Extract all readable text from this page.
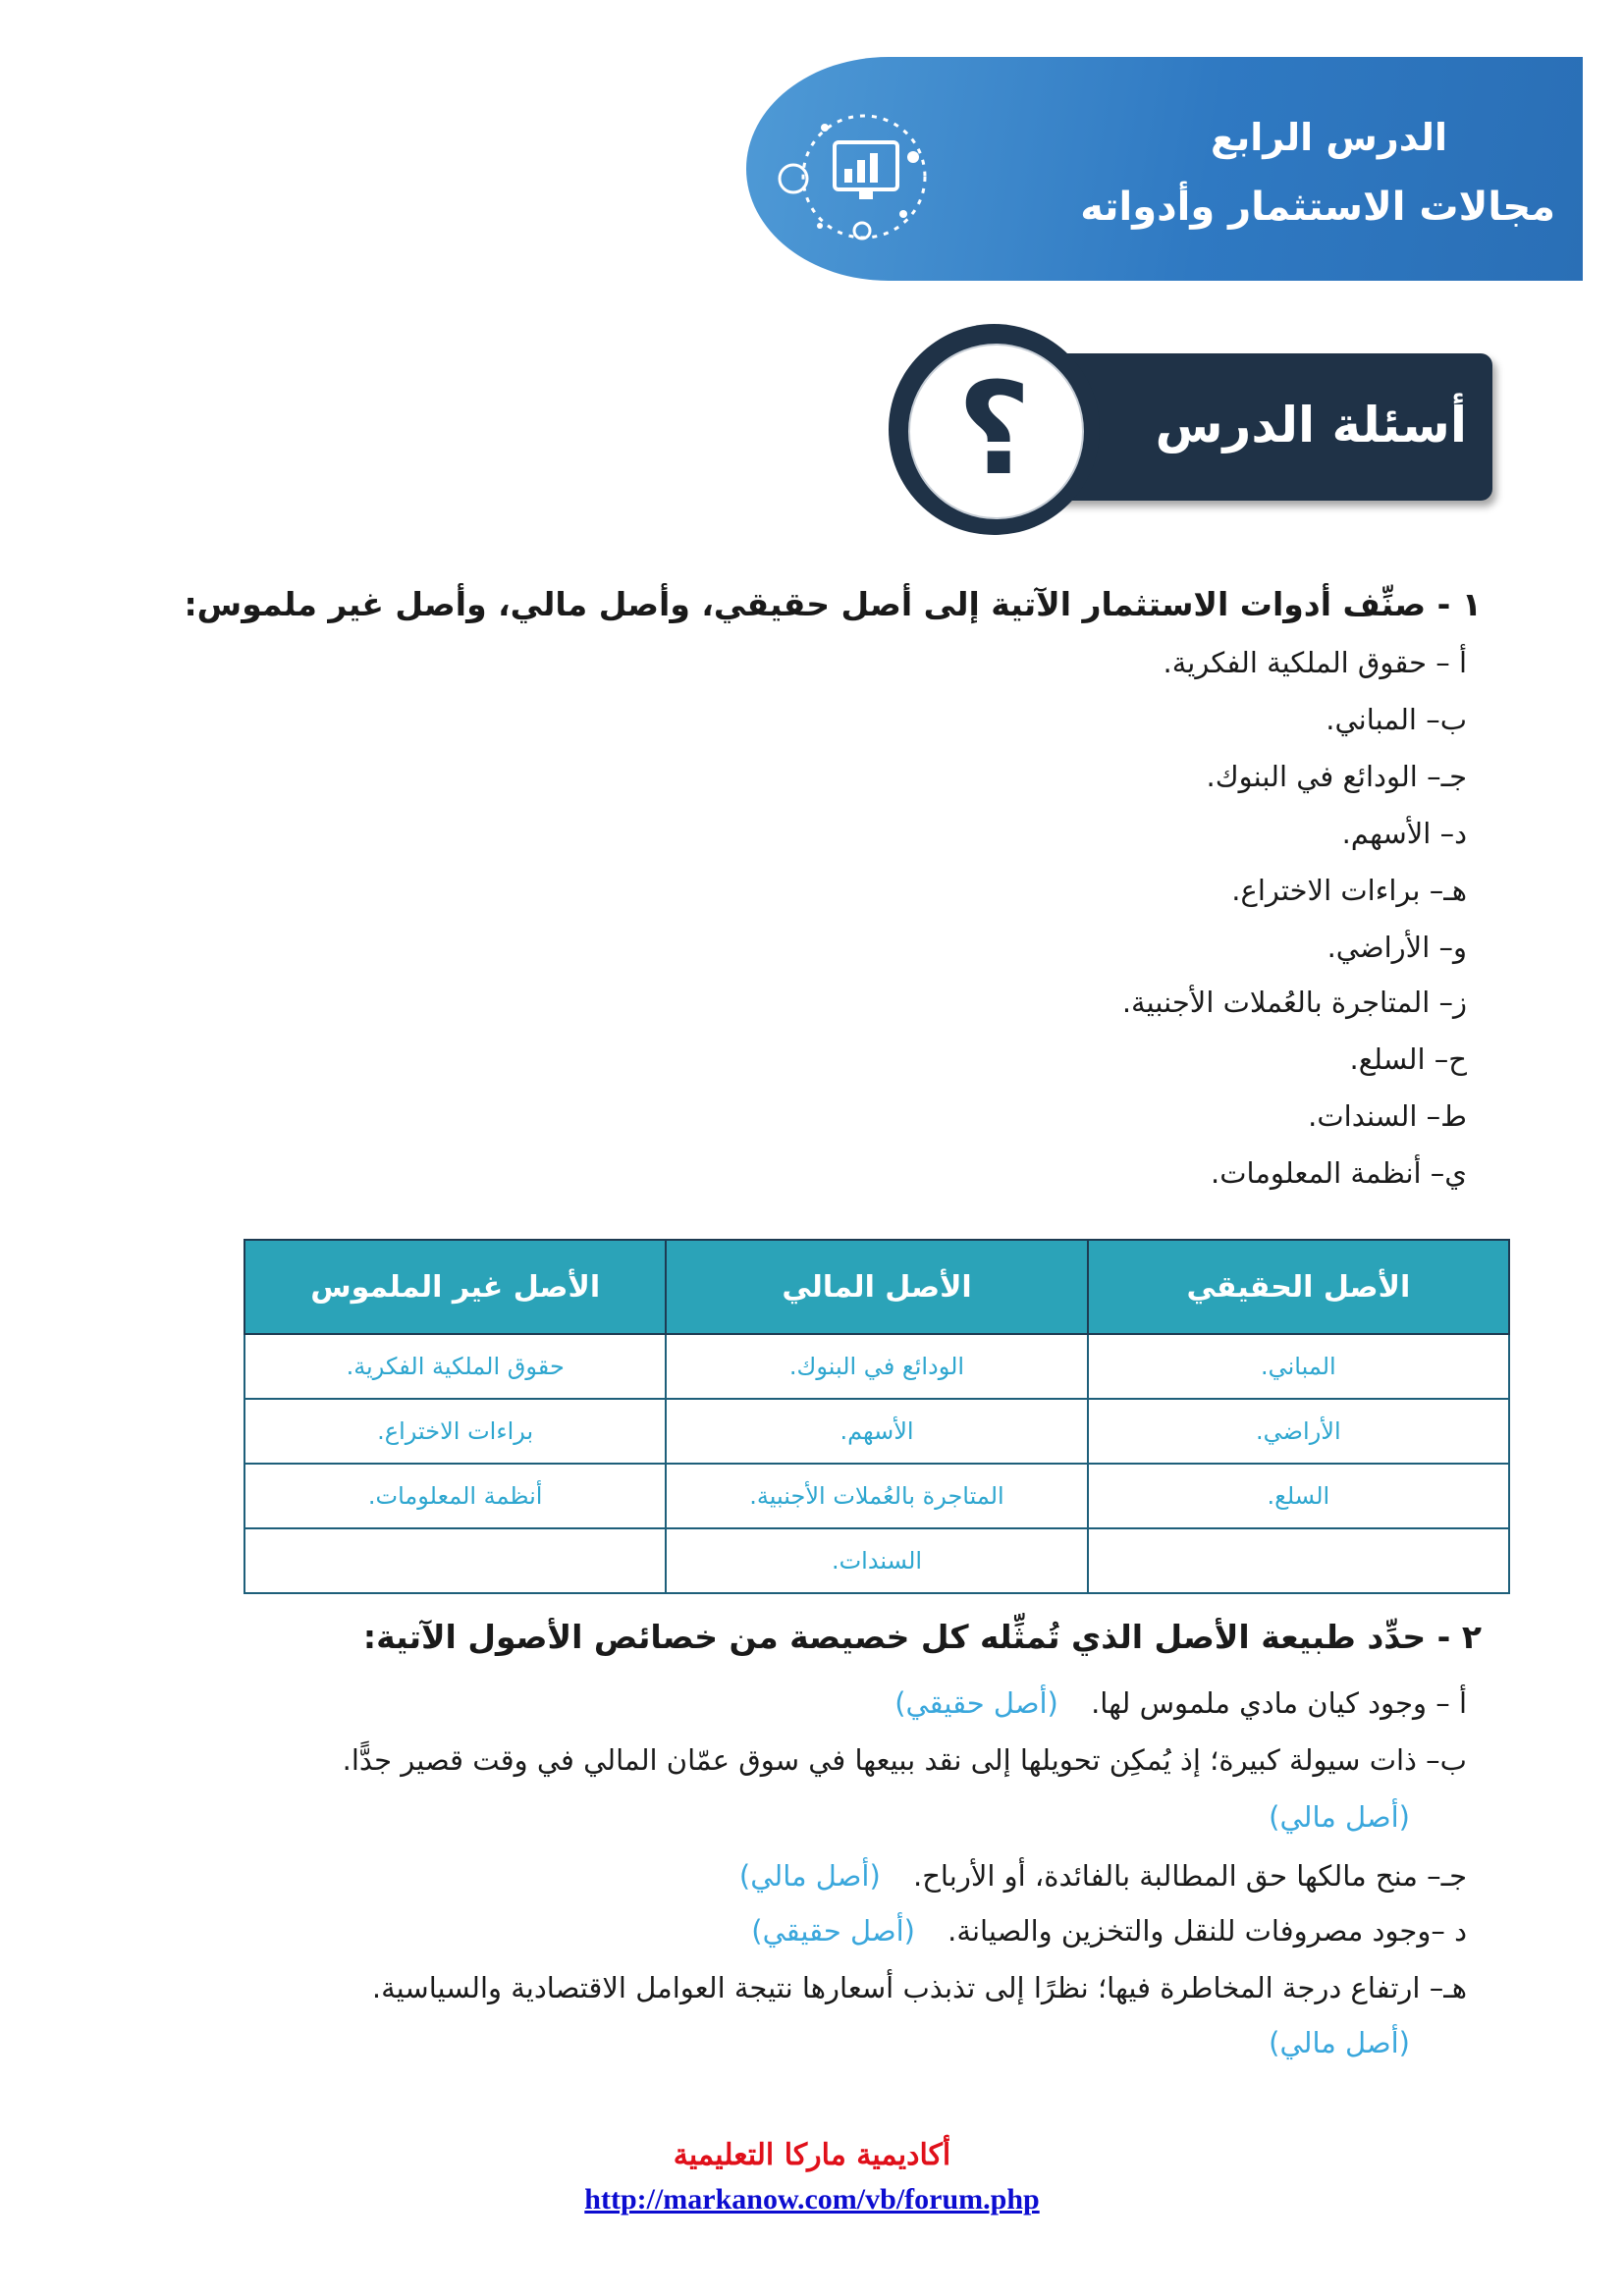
الدرس الرابع
مجالات الاستثمار وأدواته
؟	أسئلة الدرس
١ - صنِّف أدوات الاستثمار الآتية إلى أصل حقيقي، وأصل مالي، وأصل غير ملموس:
أ – حقوق الملكية الفكرية.
ب– المباني.
جـ– الودائع في البنوك.
د– الأسهم.
هـ– براءات الاختراع.
و– الأراضي.
ز– المتاجرة بالعُملات الأجنبية.
ح– السلع.
ط– السندات.
ي– أنظمة المعلومات.
الأصل الحقيقي	الأصل المالي	الأصل غير الملموس
المباني.	الودائع في البنوك.	حقوق الملكية الفكرية.
الأراضي.	الأسهم.	براءات الاختراع.
السلع.	المتاجرة بالعُملات الأجنبية.	أنظمة المعلومات.
	السندات.	
٢ - حدِّد طبيعة الأصل الذي تُمثِّله كل خصيصة من خصائص الأصول الآتية:
أ – وجود كيان مادي ملموس لها. (أصل حقيقي)
ب– ذات سيولة كبيرة؛ إذ يُمكِن تحويلها إلى نقد ببيعها في سوق عمّان المالي في وقت قصير جدًّا.
(أصل مالي)
جـ– منح مالكها حق المطالبة بالفائدة، أو الأرباح. (أصل مالي)
د –وجود مصروفات للنقل والتخزين والصيانة. (أصل حقيقي)
هـ– ارتفاع درجة المخاطرة فيها؛ نظرًا إلى تذبذب أسعارها نتيجة العوامل الاقتصادية والسياسية.
(أصل مالي)
أكاديمية ماركا التعليمية
http://markanow.com/vb/forum.php
